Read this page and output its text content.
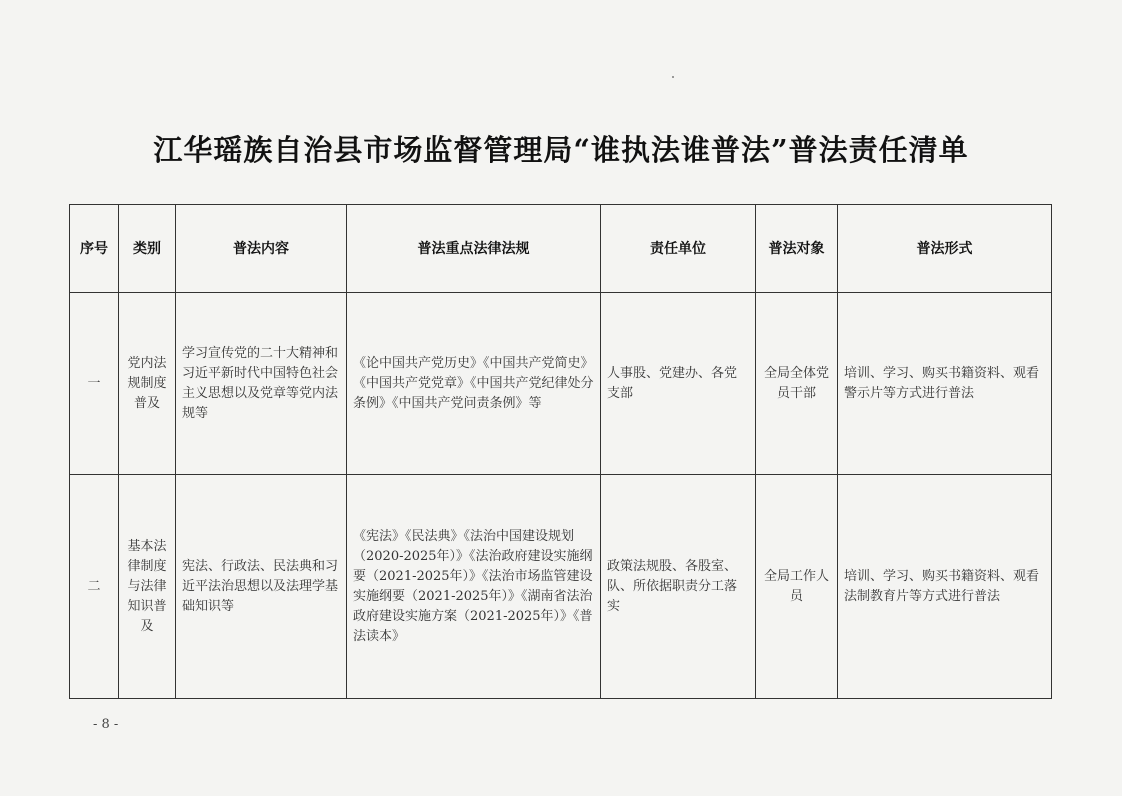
江华瑶族自治县市场监督管理局“谁执法谁普法”普法责任清单
序号	类别	普法内容	普法重点法律法规	责任单位	普法对象	普法形式
一	党内法规制度普及	学习宣传党的二十大精神和习近平新时代中国特色社会主义思想以及党章等党内法规等	《论中国共产党历史》《中国共产党简史》《中国共产党党章》《中国共产党纪律处分条例》《中国共产党问责条例》等	人事股、党建办、各党支部	全局全体党员干部	培训、学习、购买书籍资料、观看警示片等方式进行普法
二	基本法律制度与法律知识普及	宪法、行政法、民法典和习近平法治思想以及法理学基础知识等	《宪法》《民法典》《法治中国建设规划（2020-2025年）》《法治政府建设实施纲要（2021-2025年）》《法治市场监管建设实施纲要（2021-2025年）》《湖南省法治政府建设实施方案（2021-2025年）》《普法读本》	政策法规股、各股室、队、所依据职责分工落实	全局工作人员	培训、学习、购买书籍资料、观看法制教育片等方式进行普法
- 8 -
